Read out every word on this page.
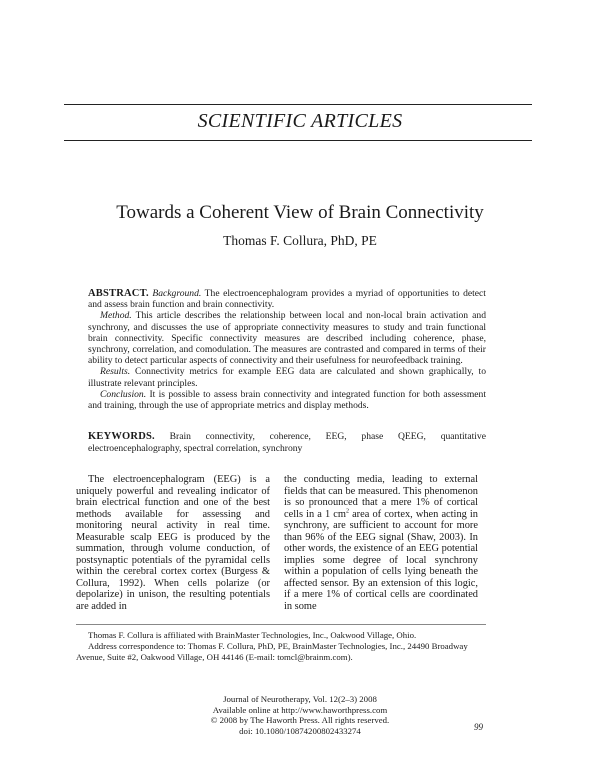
SCIENTIFIC ARTICLES
Towards a Coherent View of Brain Connectivity
Thomas F. Collura, PhD, PE

ABSTRACT. Background. The electroencephalogram provides a myriad of opportunities to detect and assess brain function and brain connectivity.

Method. This article describes the relationship between local and non-local brain activation and synchrony, and discusses the use of appropriate connectivity measures to study and train functional brain connectivity. Specific connectivity measures are described including coherence, phase, synchrony, correlation, and comodulation. The measures are contrasted and compared in terms of their ability to detect particular aspects of connectivity and their usefulness for neurofeedback training.

Results. Connectivity metrics for example EEG data are calculated and shown graphically, to illustrate relevant principles.

Conclusion. It is possible to assess brain connectivity and integrated function for both assessment and training, through the use of appropriate metrics and display methods.

KEYWORDS. Brain connectivity, coherence, EEG, phase QEEG, quantitative electroencephalography, spectral correlation, synchrony
The electroencephalogram (EEG) is a uniquely powerful and revealing indicator of brain electrical function and one of the best methods available for assessing and monitoring neural activity in real time. Measurable scalp EEG is produced by the summation, through volume conduction, of postsynaptic potentials of the pyramidal cells within the cerebral cortex cortex (Burgess & Collura, 1992). When cells polarize (or depolarize) in unison, the resulting potentials are added in
the conducting media, leading to external fields that can be measured. This phenomenon is so pronounced that a mere 1% of cortical cells in a 1 $cm^2$ area of cortex, when acting in synchrony, are sufficient to account for more than 96% of the EEG signal (Shaw, 2003). In other words, the existence of an EEG potential implies some degree of local synchrony within a population of cells lying beneath the affected sensor. By an extension of this logic, if a mere 1% of cortical cells are coordinated in some

Thomas F. Collura is affiliated with BrainMaster Technologies, Inc., Oakwood Village, Ohio.

Address correspondence to: Thomas F. Collura, PhD, PE, BrainMaster Technologies, Inc., 24490 Broadway Avenue, Suite #2, Oakwood Village, OH 44146 (E-mail: tomcl@brainm.com).

Journal of Neurotherapy, Vol. 12(2–3) 2008
Available online at http://www.haworthpress.com
© 2008 by The Haworth Press. All rights reserved.
doi: 10.1080/10874200802433274	99
